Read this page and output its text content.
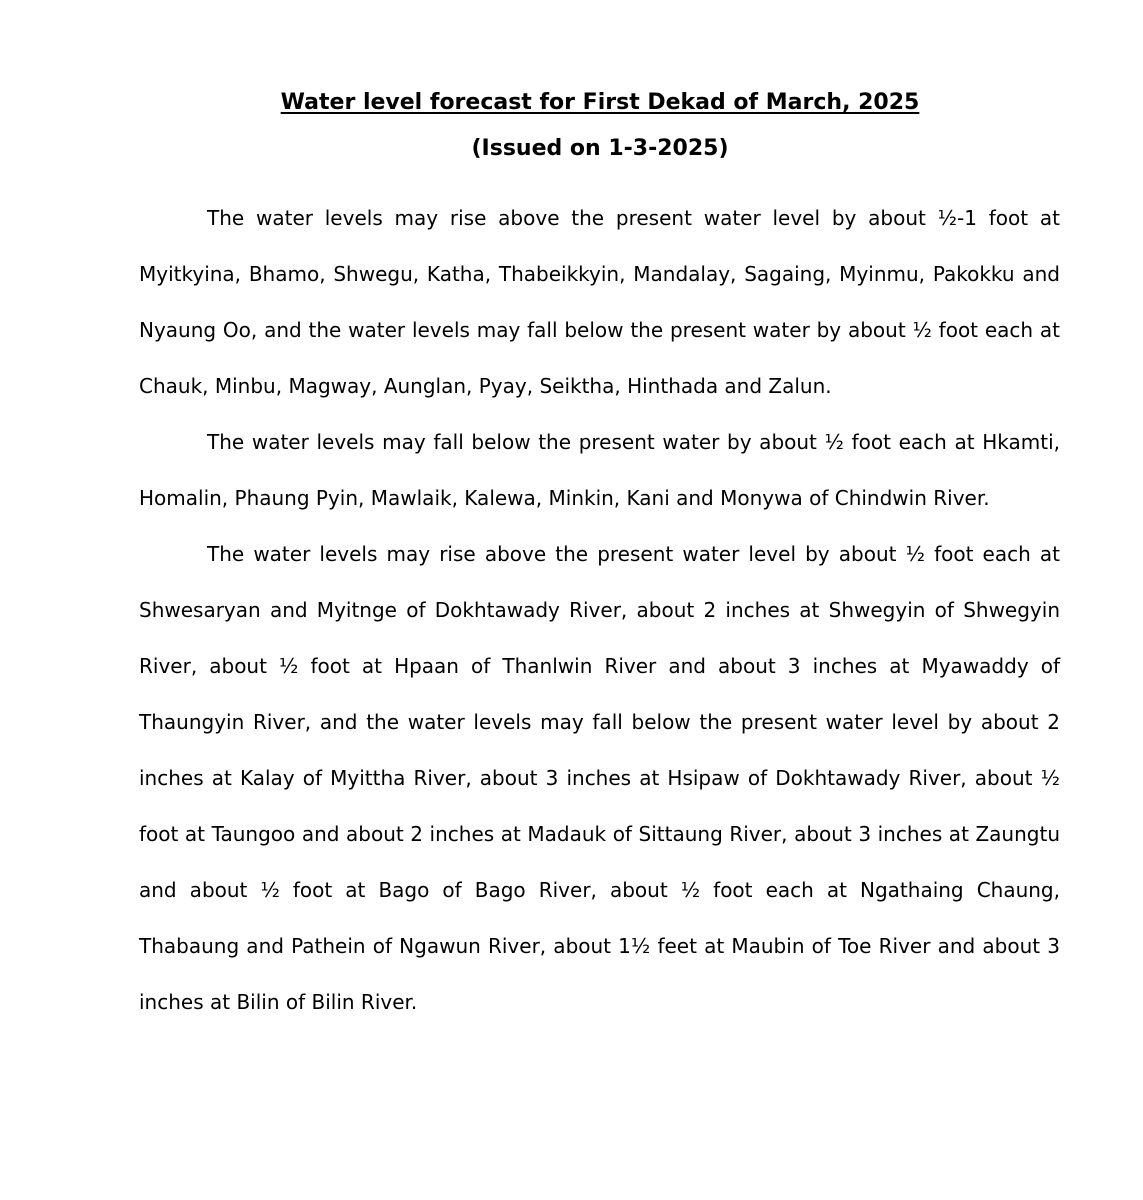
Water level forecast for First Dekad of March, 2025
(Issued on 1-3-2025)

The water levels may rise above the present water level by about ½-1 foot at Myitkyina, Bhamo, Shwegu, Katha, Thabeikkyin, Mandalay, Sagaing, Myinmu, Pakokku and Nyaung Oo, and the water levels may fall below the present water by about ½ foot each at Chauk, Minbu, Magway, Aunglan, Pyay, Seiktha, Hinthada and Zalun.

The water levels may fall below the present water by about ½ foot each at Hkamti, Homalin, Phaung Pyin, Mawlaik, Kalewa, Minkin, Kani and Monywa of Chindwin River.

The water levels may rise above the present water level by about ½ foot each at Shwesaryan and Myitnge of Dokhtawady River, about 2 inches at Shwegyin of Shwegyin River, about ½ foot at Hpaan of Thanlwin River and about 3 inches at Myawaddy of Thaungyin River, and the water levels may fall below the present water level by about 2 inches at Kalay of Myittha River, about 3 inches at Hsipaw of Dokhtawady River, about ½ foot at Taungoo and about 2 inches at Madauk of Sittaung River, about 3 inches at Zaungtu and about ½ foot at Bago of Bago River, about ½ foot each at Ngathaing Chaung, Thabaung and Pathein of Ngawun River, about 1½ feet at Maubin of Toe River and about 3 inches at Bilin of Bilin River.
